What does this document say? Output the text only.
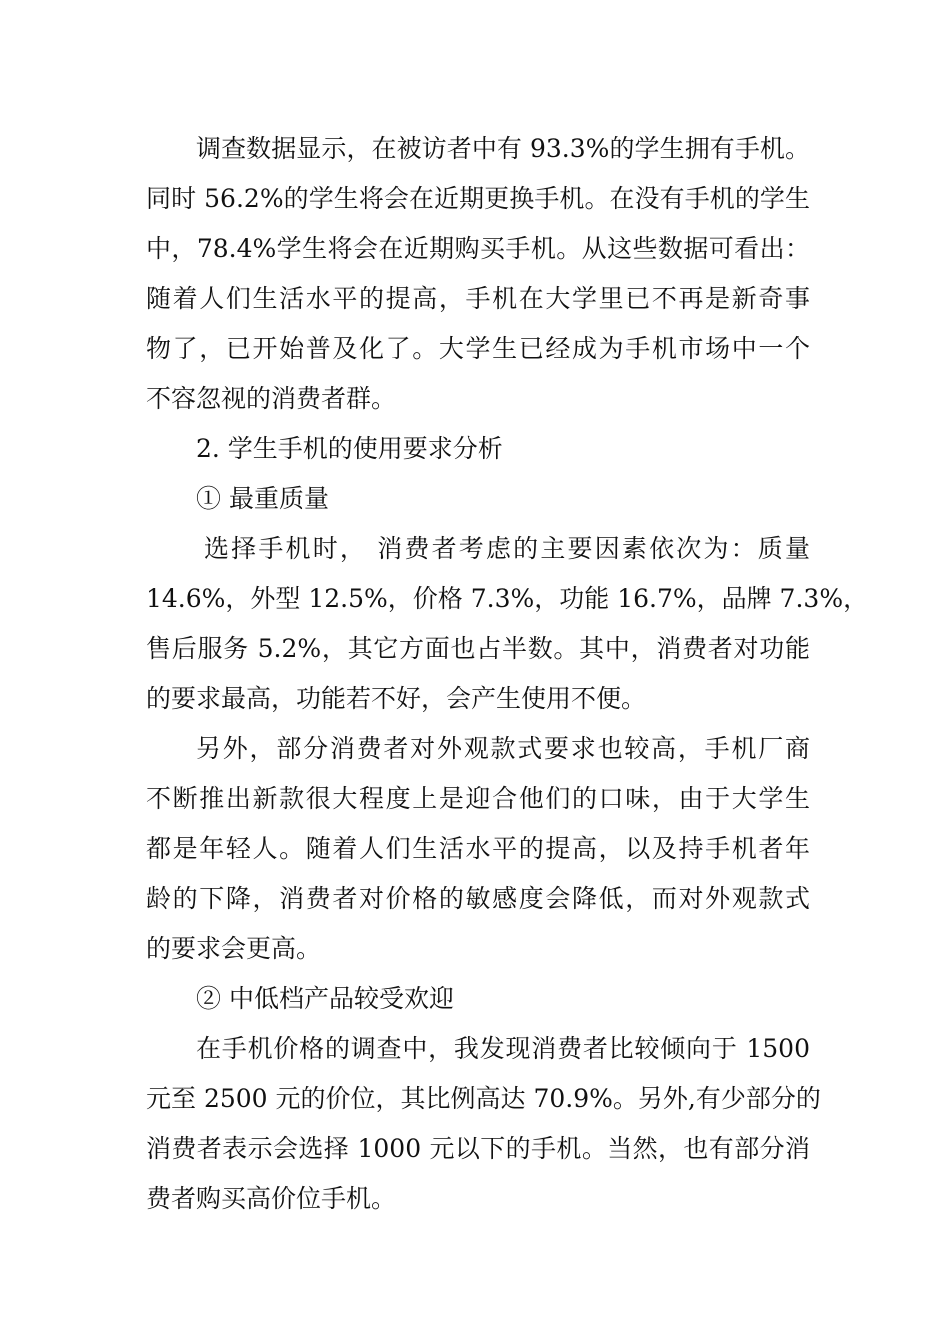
调查数据显示，在被访者中有 93.3%的学生拥有手机。
同时 56.2%的学生将会在近期更换手机。在没有手机的学生
中，78.4%学生将会在近期购买手机。从这些数据可看出：
随着人们生活水平的提高，手机在大学里已不再是新奇事
物了，已开始普及化了。大学生已经成为手机市场中一个
不容忽视的消费者群。
2. 学生手机的使用要求分析
① 最重质量
选择手机时， 消费者考虑的主要因素依次为：质量
14.6%，外型 12.5%，价格 7.3%，功能 16.7%，品牌 7.3%，
售后服务 5.2%，其它方面也占半数。其中，消费者对功能
的要求最高，功能若不好，会产生使用不便。
另外，部分消费者对外观款式要求也较高，手机厂商
不断推出新款很大程度上是迎合他们的口味，由于大学生
都是年轻人。随着人们生活水平的提高，以及持手机者年
龄的下降，消费者对价格的敏感度会降低，而对外观款式
的要求会更高。
② 中低档产品较受欢迎
在手机价格的调查中，我发现消费者比较倾向于 1500
元至 2500 元的价位，其比例高达 70.9%。另外,有少部分的
消费者表示会选择 1000 元以下的手机。当然，也有部分消
费者购买高价位手机。
